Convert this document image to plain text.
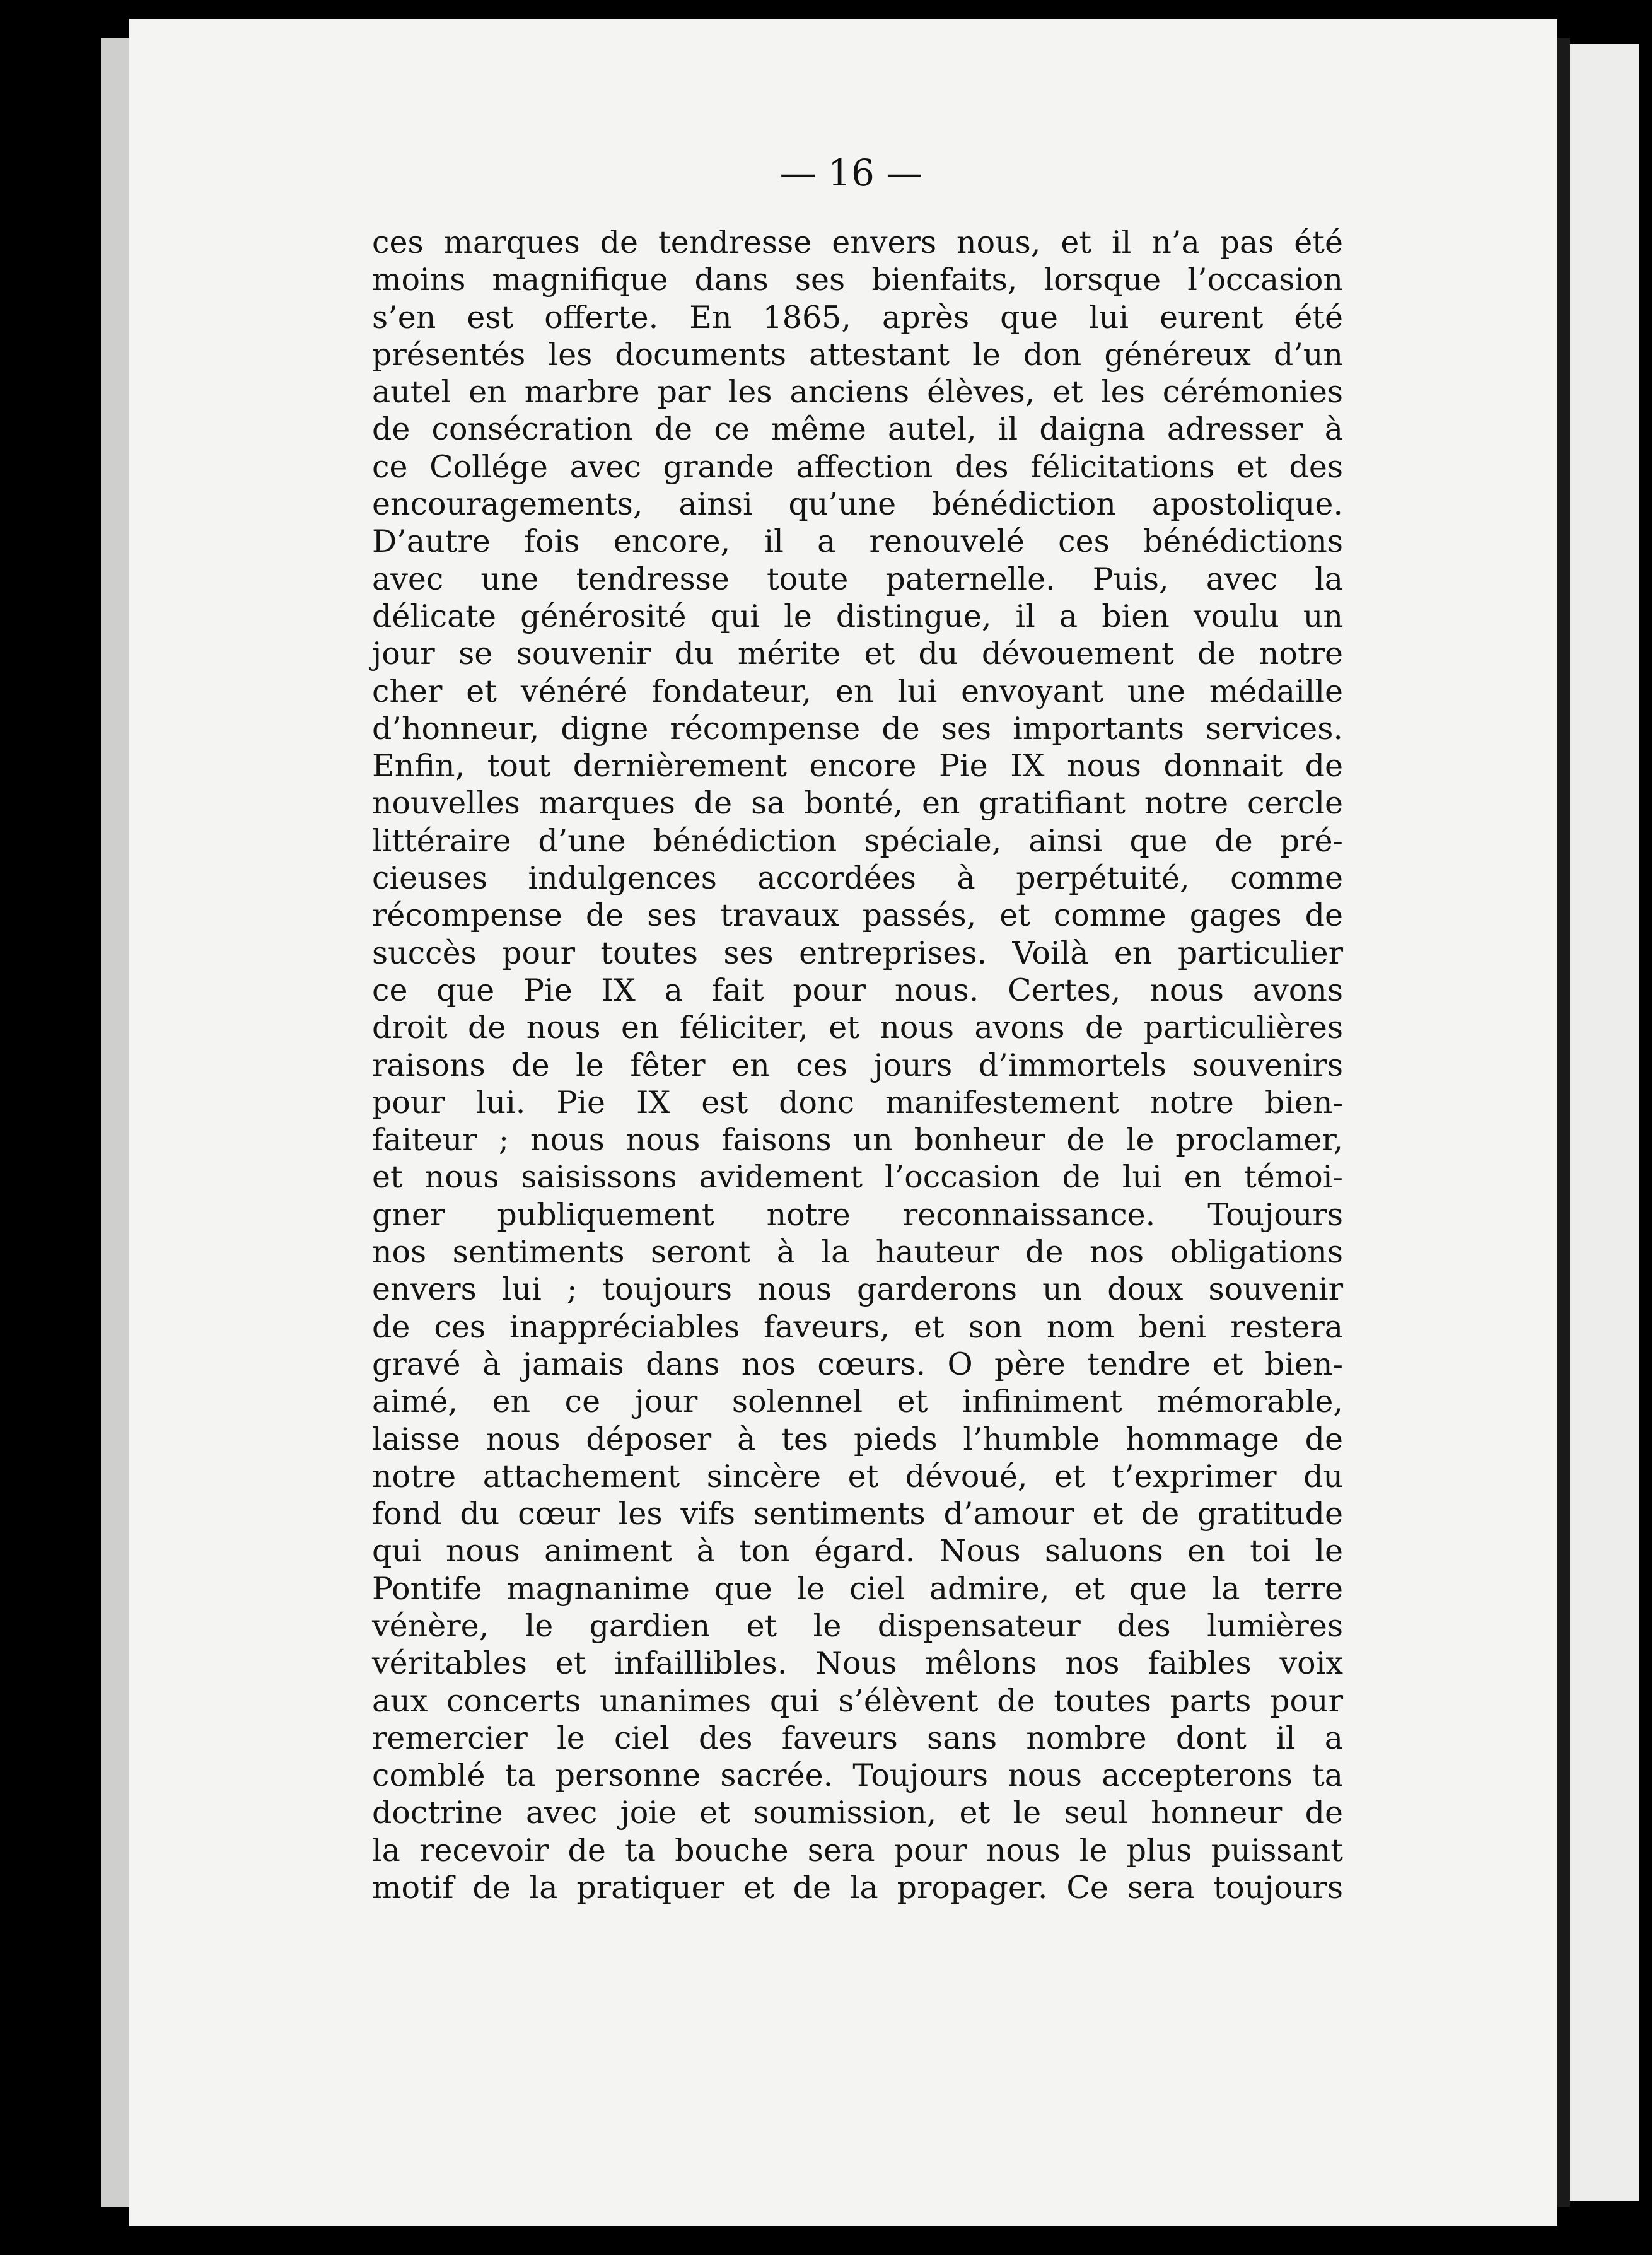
— 16 —
ces marques de tendresse envers nous, et il n’a pas été
moins magnifique dans ses bienfaits, lorsque l’occasion
s’en est offerte. En 1865, après que lui eurent été
présentés les documents attestant le don généreux d’un
autel en marbre par les anciens élèves, et les cérémonies
de consécration de ce même autel, il daigna adresser à
ce Collége avec grande affection des félicitations et des
encouragements, ainsi qu’une bénédiction apostolique.
D’autre fois encore, il a renouvelé ces bénédictions
avec une tendresse toute paternelle. Puis, avec la
délicate générosité qui le distingue, il a bien voulu un
jour se souvenir du mérite et du dévouement de notre
cher et vénéré fondateur, en lui envoyant une médaille
d’honneur, digne récompense de ses importants services.
Enfin, tout dernièrement encore Pie IX nous donnait de
nouvelles marques de sa bonté, en gratifiant notre cercle
littéraire d’une bénédiction spéciale, ainsi que de pré-
cieuses indulgences accordées à perpétuité, comme
récompense de ses travaux passés, et comme gages de
succès pour toutes ses entreprises. Voilà en particulier
ce que Pie IX a fait pour nous. Certes, nous avons
droit de nous en féliciter, et nous avons de particulières
raisons de le fêter en ces jours d’immortels souvenirs
pour lui. Pie IX est donc manifestement notre bien-
faiteur ; nous nous faisons un bonheur de le proclamer,
et nous saisissons avidement l’occasion de lui en témoi-
gner publiquement notre reconnaissance. Toujours
nos sentiments seront à la hauteur de nos obligations
envers lui ; toujours nous garderons un doux souvenir
de ces inappréciables faveurs, et son nom beni restera
gravé à jamais dans nos cœurs. O père tendre et bien-
aimé, en ce jour solennel et infiniment mémorable,
laisse nous déposer à tes pieds l’humble hommage de
notre attachement sincère et dévoué, et t’exprimer du
fond du cœur les vifs sentiments d’amour et de gratitude
qui nous animent à ton égard. Nous saluons en toi le
Pontife magnanime que le ciel admire, et que la terre
vénère, le gardien et le dispensateur des lumières
véritables et infaillibles. Nous mêlons nos faibles voix
aux concerts unanimes qui s’élèvent de toutes parts pour
remercier le ciel des faveurs sans nombre dont il a
comblé ta personne sacrée. Toujours nous accepterons ta
doctrine avec joie et soumission, et le seul honneur de
la recevoir de ta bouche sera pour nous le plus puissant
motif de la pratiquer et de la propager. Ce sera toujours
